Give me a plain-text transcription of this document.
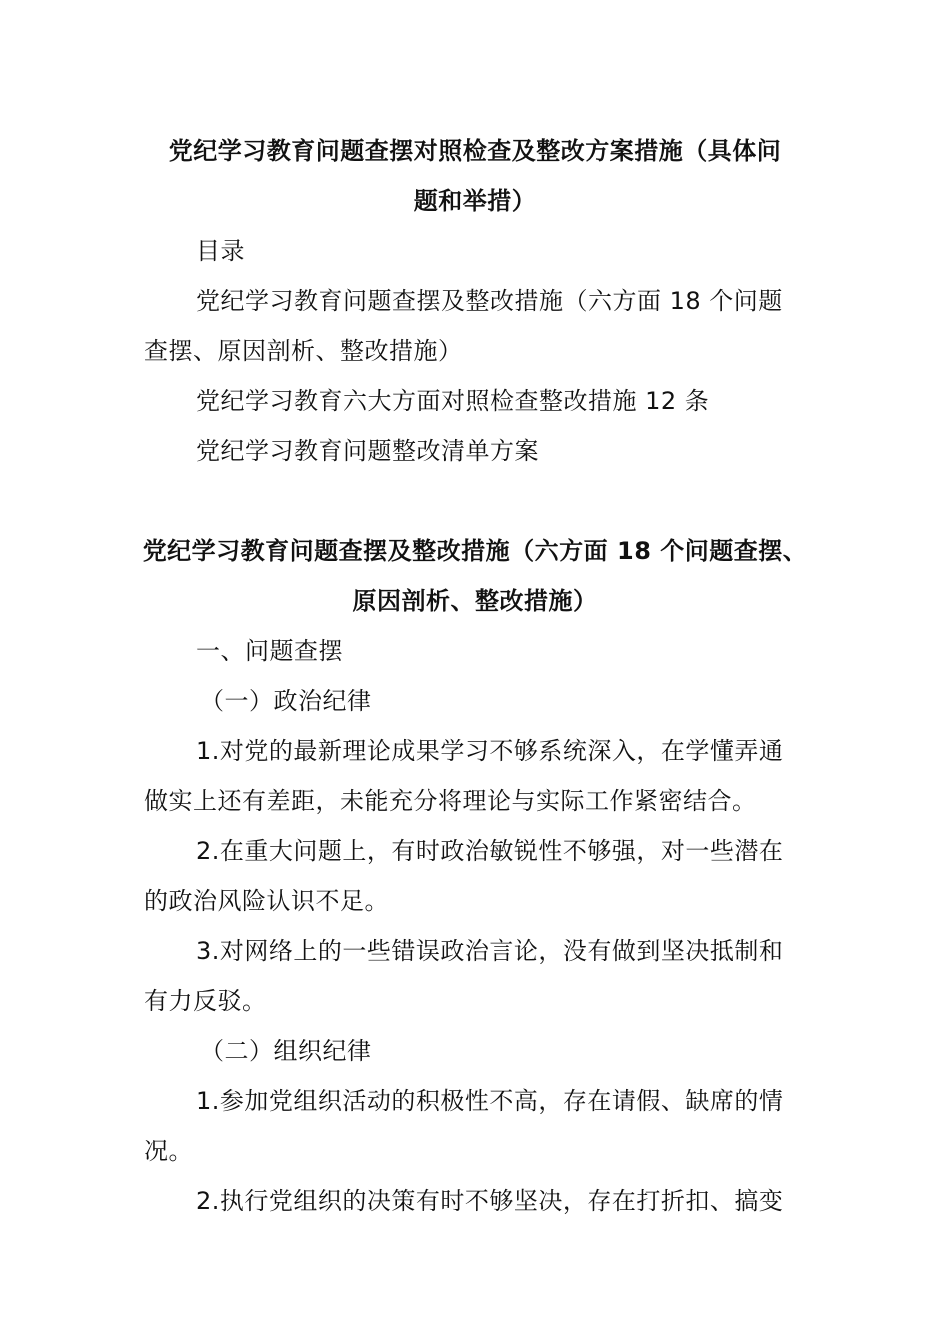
党纪学习教育问题查摆对照检查及整改方案措施（具体问
题和举措）
目录
党纪学习教育问题查摆及整改措施（六方面 18 个问题
查摆、原因剖析、整改措施）
党纪学习教育六大方面对照检查整改措施 12 条
党纪学习教育问题整改清单方案
党纪学习教育问题查摆及整改措施（六方面 18 个问题查摆、
原因剖析、整改措施）
一、问题查摆
（一）政治纪律
1.对党的最新理论成果学习不够系统深入，在学懂弄通
做实上还有差距，未能充分将理论与实际工作紧密结合。
2.在重大问题上，有时政治敏锐性不够强，对一些潜在
的政治风险认识不足。
3.对网络上的一些错误政治言论，没有做到坚决抵制和
有力反驳。
（二）组织纪律
1.参加党组织活动的积极性不高，存在请假、缺席的情
况。
2.执行党组织的决策有时不够坚决，存在打折扣、搞变
